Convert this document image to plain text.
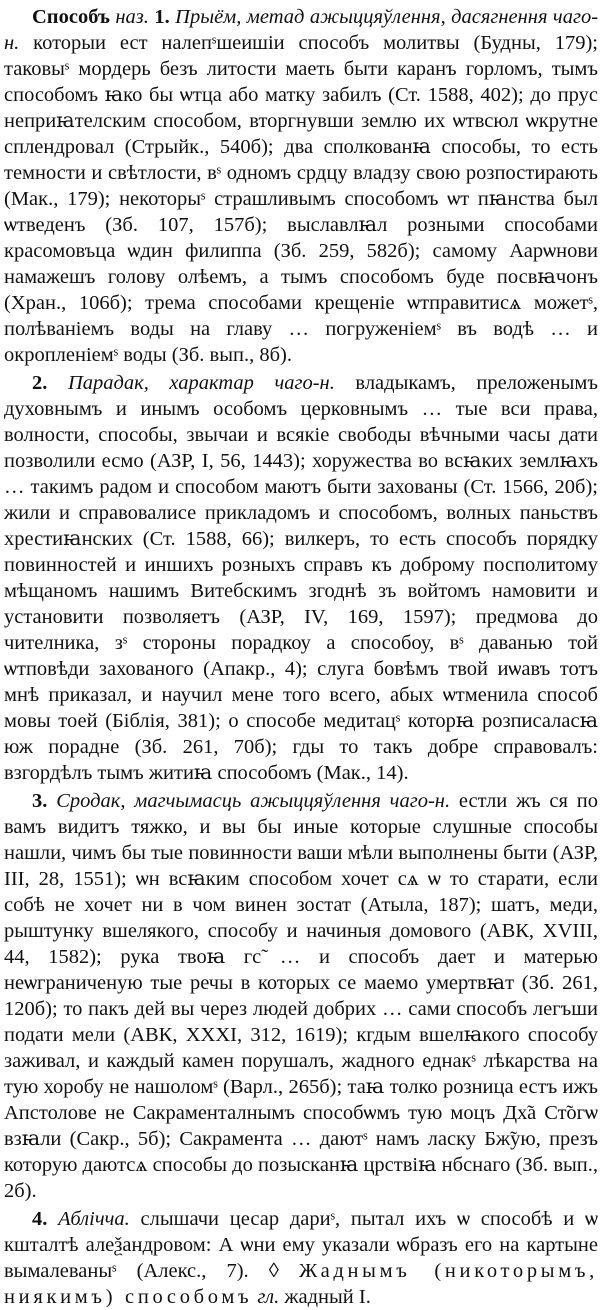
Способъ наз. 1. Прыём, метад ажыццяўлення, дасягнення чаго-н. которыи ест налепˢшеишіи способъ молитвы (Будны, 179); таковыˢ мордерь безъ литости маеть быти каранъ горломъ, тымъ способомъ ꙗко бы ѡтца або матку забилъ (Ст. 1588, 402); до прус неприꙗтелским способом, вторгнувши землю их ѡтвсюл ѡкрутне сплендровал (Стрыйк., 540б); два сполкованꙗ способы, то есть темности и свѣтлости, вˢ одномъ срдцу владзу свою розпостирають (Мак., 179); некоторыˢ страшливымъ способомъ ѡт пꙗнства был ѡтведенъ (Зб. 107, 157б); выславлꙗл розными способами красомовъца ѡдин филиппа (Зб. 259, 582б); самому Аарѡнови намажешъ голову олѣемъ, а тымъ способомъ буде посвꙗчонъ (Хран., 106б); трема способами крещеніе ѡтправитисѧ можетˢ, полѣваніемъ воды на главу … погруженіемˢ въ водѣ … и окропленіемˢ воды (Зб. вып., 8б).

2. Парадак, характар чаго-н. владыкамъ, преложенымъ духовнымъ и инымъ особомъ церковнымъ … тые вси права, волности, способы, звычаи и всякіе свободы вѣчными часы дати позволили есмо (АЗР, I, 56, 1443); хоружества во всꙗких землꙗхъ … такимъ радом и способом маютъ быти захованы (Ст. 1566, 20б); жили и справовалисе прикладомъ и способомъ, волных паньствъ хрестиꙗнских (Ст. 1588, 66); вилкеръ, то есть способъ порядку повинностей и иншихъ розныхъ справъ къ доброму посполитому мѣщаномъ нашимъ Витебскимъ згоднѣ зъ войтомъ намовити и установити позволяетъ (АЗР, IV, 169, 1597); предмова до чителника, зˢ стороны порадкоу а способоу, вˢ даванью той ѡтповѣди захованого (Апакр., 4); слуга бовѣмъ твой иѡавъ тотъ мнѣ приказал, и научил мене того всего, абых ѡтменила способ мовы тоей (Біблія, 381); о способе медитацˢ которꙗ розписаласꙗ юж порадне (Зб. 261, 70б); гды то такъ добре справовалъ: взгордѣлъ тымъ житиꙗ способомъ (Мак., 14).

3. Сродак, магчымасць ажыццяўлення чаго-н. естли жъ ся по вамъ видитъ тяжко, и вы бы иные которые слушные способы нашли, чимъ бы тые повинности ваши мѣли выполнены быти (АЗР, III, 28, 1551); ѡн всꙗким способом хочет сѧ ѡ то старати, если собѣ не хочет ни в чом винен зостат (Атыла, 187); шатъ, меди, рыштунку вшелякого, способу и начиныя домового (АВК, XVIII, 44, 1582); рука твоꙗ гс̃ … и способъ дает и матерью неѡграниченую тые речы в которых се маемо умертвꙗт (Зб. 261, 120б); то пакъ дей вы через людей добрих … сами способъ легъши подати мели (АВК, XXXI, 312, 1619); кгдым вшелꙗкого способу заживал, и каждый камен порушалъ, жадного еднакˢ лѣкарства на тую хоробу не нашоломˢ (Варл., 265б); таꙗ толко розница естъ ижъ Апстолове не Сакраменталнымъ способѡмъ тую моцъ Дх̃а Ст̃огѡ взꙗли (Сакр., 5б); Сакрамента … даютˢ намъ ласку Бж̃ую, презъ которую даютсѧ способы до позысканꙗ црствіꙗ нбснаго (Зб. вып., 2б).

4. Аблічча. слышачи цесар дариˢ, пытал ихъ ѡ способѣ и ѡ кшталтѣ алеѯандровом: А ѡни ему указали ѡбразъ его на картыне вымалеваныˢ (Алекс., 7). ◊ Жаднымъ (никоторымъ, ниякимъ) способомъ гл. жадный I.
